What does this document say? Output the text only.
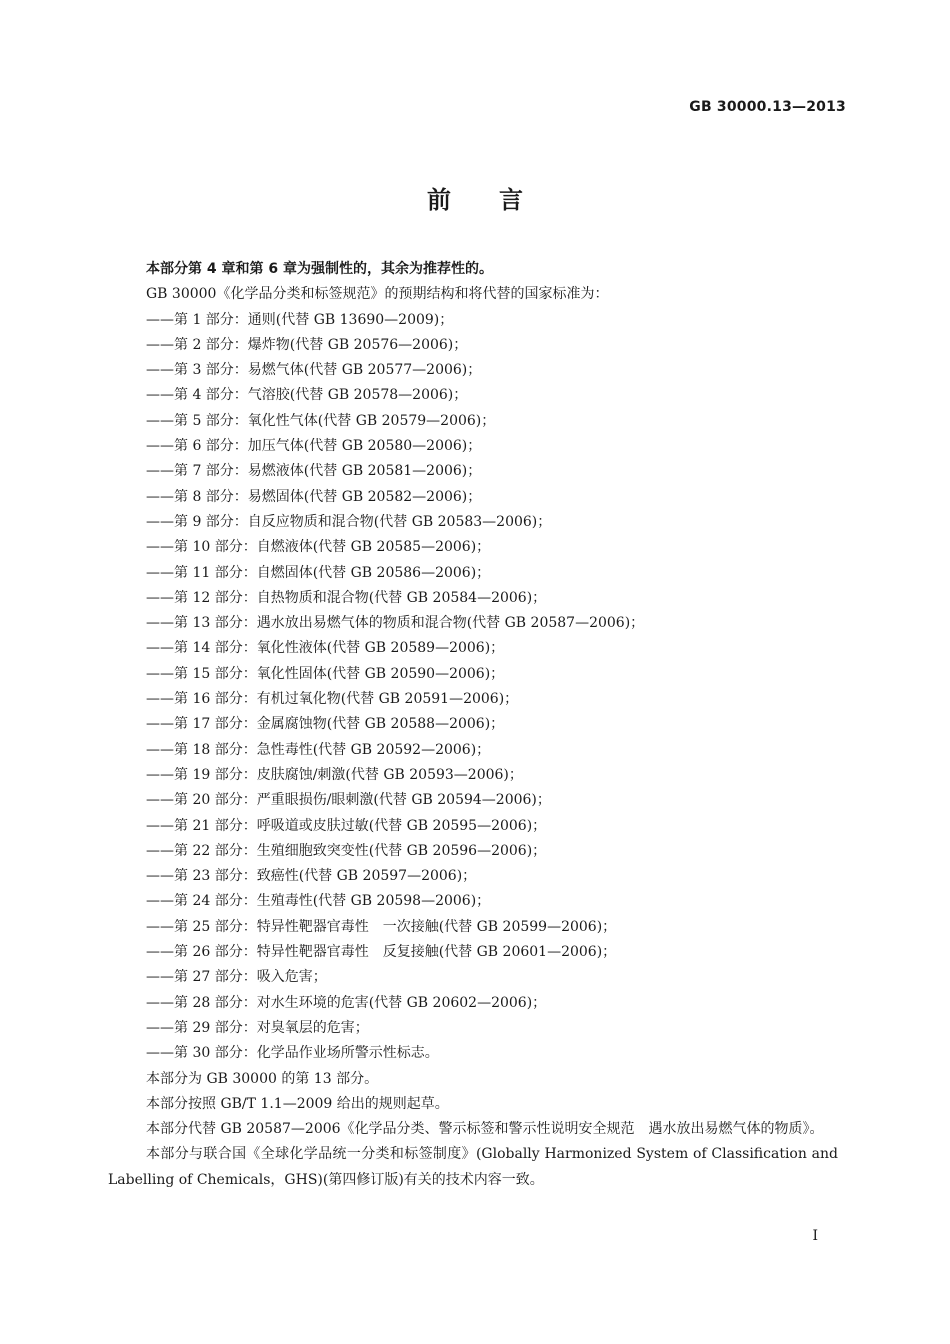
GB 30000.13—2013
前言

本部分第 4 章和第 6 章为强制性的，其余为推荐性的。

GB 30000《化学品分类和标签规范》的预期结构和将代替的国家标准为：

——第 1 部分：通则(代替 GB 13690—2009)；
——第 2 部分：爆炸物(代替 GB 20576—2006)；
——第 3 部分：易燃气体(代替 GB 20577—2006)；
——第 4 部分：气溶胶(代替 GB 20578—2006)；
——第 5 部分：氧化性气体(代替 GB 20579—2006)；
——第 6 部分：加压气体(代替 GB 20580—2006)；
——第 7 部分：易燃液体(代替 GB 20581—2006)；
——第 8 部分：易燃固体(代替 GB 20582—2006)；
——第 9 部分：自反应物质和混合物(代替 GB 20583—2006)；
——第 10 部分：自燃液体(代替 GB 20585—2006)；
——第 11 部分：自燃固体(代替 GB 20586—2006)；
——第 12 部分：自热物质和混合物(代替 GB 20584—2006)；
——第 13 部分：遇水放出易燃气体的物质和混合物(代替 GB 20587—2006)；
——第 14 部分：氧化性液体(代替 GB 20589—2006)；
——第 15 部分：氧化性固体(代替 GB 20590—2006)；
——第 16 部分：有机过氧化物(代替 GB 20591—2006)；
——第 17 部分：金属腐蚀物(代替 GB 20588—2006)；
——第 18 部分：急性毒性(代替 GB 20592—2006)；
——第 19 部分：皮肤腐蚀/刺激(代替 GB 20593—2006)；
——第 20 部分：严重眼损伤/眼刺激(代替 GB 20594—2006)；
——第 21 部分：呼吸道或皮肤过敏(代替 GB 20595—2006)；
——第 22 部分：生殖细胞致突变性(代替 GB 20596—2006)；
——第 23 部分：致癌性(代替 GB 20597—2006)；
——第 24 部分：生殖毒性(代替 GB 20598—2006)；
——第 25 部分：特异性靶器官毒性　一次接触(代替 GB 20599—2006)；
——第 26 部分：特异性靶器官毒性　反复接触(代替 GB 20601—2006)；
——第 27 部分：吸入危害；
——第 28 部分：对水生环境的危害(代替 GB 20602—2006)；
——第 29 部分：对臭氧层的危害；
——第 30 部分：化学品作业场所警示性标志。

本部分为 GB 30000 的第 13 部分。

本部分按照 GB/T 1.1—2009 给出的规则起草。

本部分代替 GB 20587—2006《化学品分类、警示标签和警示性说明安全规范　遇水放出易燃气体的物质》。

本部分与联合国《全球化学品统一分类和标签制度》(Globally Harmonized System of Classification and Labelling of Chemicals，GHS)(第四修订版)有关的技术内容一致。

I
